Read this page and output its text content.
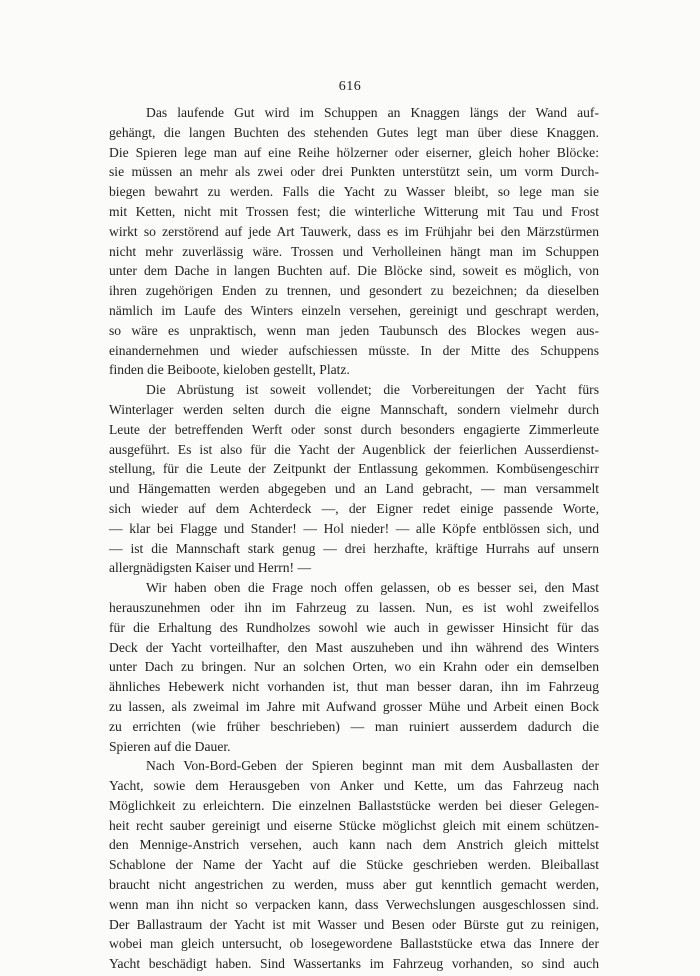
616
Das laufende Gut wird im Schuppen an Knaggen längs der Wand auf-
gehängt, die langen Buchten des stehenden Gutes legt man über diese Knaggen.
Die Spieren lege man auf eine Reihe hölzerner oder eiserner, gleich hoher Blöcke:
sie müssen an mehr als zwei oder drei Punkten unterstützt sein, um vorm Durch-
biegen bewahrt zu werden. Falls die Yacht zu Wasser bleibt, so lege man sie
mit Ketten, nicht mit Trossen fest; die winterliche Witterung mit Tau und Frost
wirkt so zerstörend auf jede Art Tauwerk, dass es im Frühjahr bei den Märzstürmen
nicht mehr zuverlässig wäre. Trossen und Verholleinen hängt man im Schuppen
unter dem Dache in langen Buchten auf. Die Blöcke sind, soweit es möglich, von
ihren zugehörigen Enden zu trennen, und gesondert zu bezeichnen; da dieselben
nämlich im Laufe des Winters einzeln versehen, gereinigt und geschrapt werden,
so wäre es unpraktisch, wenn man jeden Taubunsch des Blockes wegen aus-
einandernehmen und wieder aufschiessen müsste. In der Mitte des Schuppens
finden die Beiboote, kieloben gestellt, Platz.
Die Abrüstung ist soweit vollendet; die Vorbereitungen der Yacht fürs
Winterlager werden selten durch die eigne Mannschaft, sondern vielmehr durch
Leute der betreffenden Werft oder sonst durch besonders engagierte Zimmerleute
ausgeführt. Es ist also für die Yacht der Augenblick der feierlichen Ausserdienst-
stellung, für die Leute der Zeitpunkt der Entlassung gekommen. Kombüsengeschirr
und Hängematten werden abgegeben und an Land gebracht, — man versammelt
sich wieder auf dem Achterdeck —, der Eigner redet einige passende Worte,
— klar bei Flagge und Stander! — Hol nieder! — alle Köpfe entblössen sich, und
— ist die Mannschaft stark genug — drei herzhafte, kräftige Hurrahs auf unsern
allergnädigsten Kaiser und Herrn! —
Wir haben oben die Frage noch offen gelassen, ob es besser sei, den Mast
herauszunehmen oder ihn im Fahrzeug zu lassen. Nun, es ist wohl zweifellos
für die Erhaltung des Rundholzes sowohl wie auch in gewisser Hinsicht für das
Deck der Yacht vorteilhafter, den Mast auszuheben und ihn während des Winters
unter Dach zu bringen. Nur an solchen Orten, wo ein Krahn oder ein demselben
ähnliches Hebewerk nicht vorhanden ist, thut man besser daran, ihn im Fahrzeug
zu lassen, als zweimal im Jahre mit Aufwand grosser Mühe und Arbeit einen Bock
zu errichten (wie früher beschrieben) — man ruiniert ausserdem dadurch die
Spieren auf die Dauer.
Nach Von-Bord-Geben der Spieren beginnt man mit dem Ausballasten der
Yacht, sowie dem Herausgeben von Anker und Kette, um das Fahrzeug nach
Möglichkeit zu erleichtern. Die einzelnen Ballaststücke werden bei dieser Gelegen-
heit recht sauber gereinigt und eiserne Stücke möglichst gleich mit einem schützen-
den Mennige-Anstrich versehen, auch kann nach dem Anstrich gleich mittelst
Schablone der Name der Yacht auf die Stücke geschrieben werden. Bleiballast
braucht nicht angestrichen zu werden, muss aber gut kenntlich gemacht werden,
wenn man ihn nicht so verpacken kann, dass Verwechslungen ausgeschlossen sind.
Der Ballastraum der Yacht ist mit Wasser und Besen oder Bürste gut zu reinigen,
wobei man gleich untersucht, ob losegewordene Ballaststücke etwa das Innere der
Yacht beschädigt haben. Sind Wassertanks im Fahrzeug vorhanden, so sind auch
